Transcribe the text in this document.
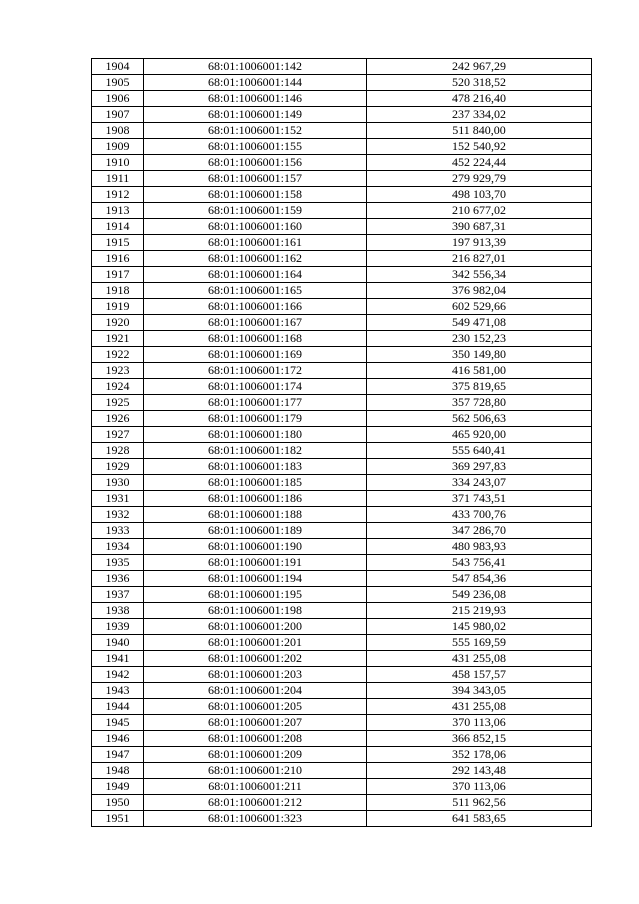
1904	68:01:1006001:142	242 967,29
1905	68:01:1006001:144	520 318,52
1906	68:01:1006001:146	478 216,40
1907	68:01:1006001:149	237 334,02
1908	68:01:1006001:152	511 840,00
1909	68:01:1006001:155	152 540,92
1910	68:01:1006001:156	452 224,44
1911	68:01:1006001:157	279 929,79
1912	68:01:1006001:158	498 103,70
1913	68:01:1006001:159	210 677,02
1914	68:01:1006001:160	390 687,31
1915	68:01:1006001:161	197 913,39
1916	68:01:1006001:162	216 827,01
1917	68:01:1006001:164	342 556,34
1918	68:01:1006001:165	376 982,04
1919	68:01:1006001:166	602 529,66
1920	68:01:1006001:167	549 471,08
1921	68:01:1006001:168	230 152,23
1922	68:01:1006001:169	350 149,80
1923	68:01:1006001:172	416 581,00
1924	68:01:1006001:174	375 819,65
1925	68:01:1006001:177	357 728,80
1926	68:01:1006001:179	562 506,63
1927	68:01:1006001:180	465 920,00
1928	68:01:1006001:182	555 640,41
1929	68:01:1006001:183	369 297,83
1930	68:01:1006001:185	334 243,07
1931	68:01:1006001:186	371 743,51
1932	68:01:1006001:188	433 700,76
1933	68:01:1006001:189	347 286,70
1934	68:01:1006001:190	480 983,93
1935	68:01:1006001:191	543 756,41
1936	68:01:1006001:194	547 854,36
1937	68:01:1006001:195	549 236,08
1938	68:01:1006001:198	215 219,93
1939	68:01:1006001:200	145 980,02
1940	68:01:1006001:201	555 169,59
1941	68:01:1006001:202	431 255,08
1942	68:01:1006001:203	458 157,57
1943	68:01:1006001:204	394 343,05
1944	68:01:1006001:205	431 255,08
1945	68:01:1006001:207	370 113,06
1946	68:01:1006001:208	366 852,15
1947	68:01:1006001:209	352 178,06
1948	68:01:1006001:210	292 143,48
1949	68:01:1006001:211	370 113,06
1950	68:01:1006001:212	511 962,56
1951	68:01:1006001:323	641 583,65
